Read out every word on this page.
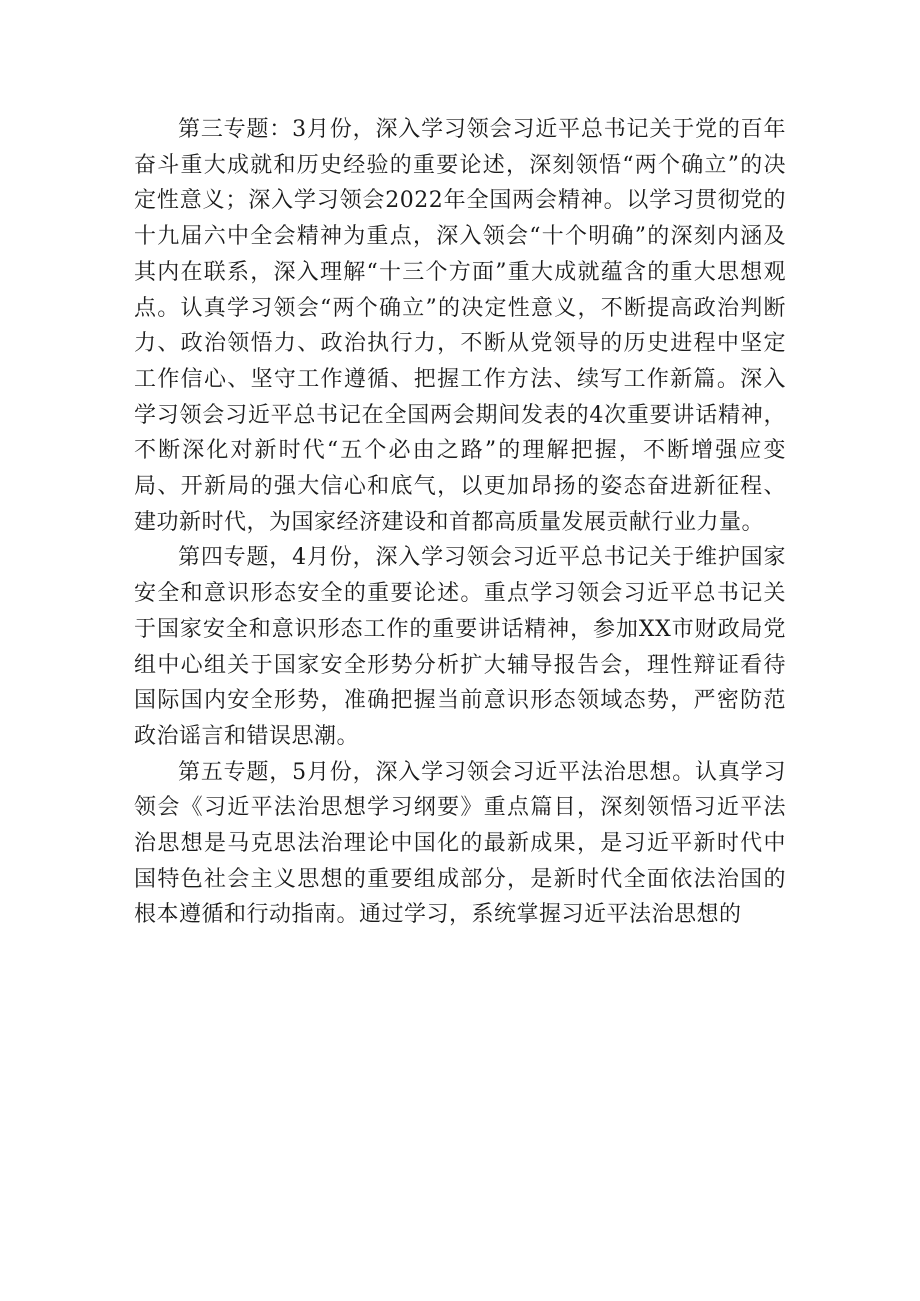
第三专题：3月份，深入学习领会习近平总书记关于党的百年奋斗重大成就和历史经验的重要论述，深刻领悟“两个确立”的决定性意义；深入学习领会2022年全国两会精神。以学习贯彻党的十九届六中全会精神为重点，深入领会“十个明确”的深刻内涵及其内在联系，深入理解“十三个方面”重大成就蕴含的重大思想观点。认真学习领会“两个确立”的决定性意义，不断提高政治判断力、政治领悟力、政治执行力，不断从党领导的历史进程中坚定工作信心、坚守工作遵循、把握工作方法、续写工作新篇。深入学习领会习近平总书记在全国两会期间发表的4次重要讲话精神，不断深化对新时代“五个必由之路”的理解把握，不断增强应变局、开新局的强大信心和底气，以更加昂扬的姿态奋进新征程、建功新时代，为国家经济建设和首都高质量发展贡献行业力量。

第四专题，4月份，深入学习领会习近平总书记关于维护国家安全和意识形态安全的重要论述。重点学习领会习近平总书记关于国家安全和意识形态工作的重要讲话精神，参加XX市财政局党组中心组关于国家安全形势分析扩大辅导报告会，理性辩证看待国际国内安全形势，准确把握当前意识形态领域态势，严密防范政治谣言和错误思潮。

第五专题，5月份，深入学习领会习近平法治思想。认真学习领会《习近平法治思想学习纲要》重点篇目，深刻领悟习近平法治思想是马克思法治理论中国化的最新成果，是习近平新时代中国特色社会主义思想的重要组成部分，是新时代全面依法治国的根本遵循和行动指南。通过学习，系统掌握习近平法治思想的
